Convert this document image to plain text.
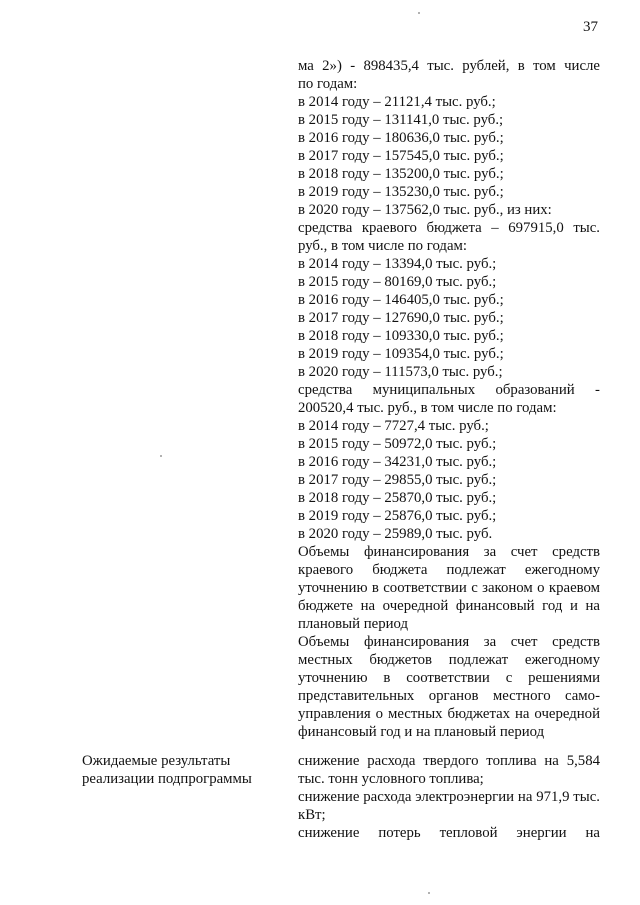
37

ма 2») - 898435,4 тыс. рублей, в том числе

по годам:

в 2014 году – 21121,4 тыс. руб.;

в 2015 году – 131141,0 тыс. руб.;

в 2016 году – 180636,0 тыс. руб.;

в 2017 году – 157545,0 тыс. руб.;

в 2018 году – 135200,0 тыс. руб.;

в 2019 году – 135230,0 тыс. руб.;

в 2020 году – 137562,0 тыс. руб., из них:

средства краевого бюджета – 697915,0 тыс.

руб., в том числе по годам:

в 2014 году – 13394,0 тыс. руб.;

в 2015 году – 80169,0 тыс. руб.;

в 2016 году – 146405,0 тыс. руб.;

в 2017 году – 127690,0 тыс. руб.;

в 2018 году – 109330,0 тыс. руб.;

в 2019 году – 109354,0 тыс. руб.;

в 2020 году – 111573,0 тыс. руб.;

средства муниципальных образований -

200520,4 тыс. руб., в том числе по годам:

в 2014 году – 7727,4 тыс. руб.;

в 2015 году – 50972,0 тыс. руб.;

в 2016 году – 34231,0 тыс. руб.;

в 2017 году – 29855,0 тыс. руб.;

в 2018 году – 25870,0 тыс. руб.;

в 2019 году – 25876,0 тыс. руб.;

в 2020 году – 25989,0 тыс. руб.

Объемы финансирования за счет средств краевого бюджета подлежат ежегодному уточнению в соответствии с законом о краевом бюджете на очередной финансовый год и на плановый период

Объемы финансирования за счет средств местных бюджетов подлежат ежегодному уточнению в соответствии с решениями представительных органов местного самоуправления о местных бюджетах на очередной финансовый год и на плановый период

Ожидаемые результаты реализации подпрограммы

снижение расхода твердого топлива на 5,584 тыс. тонн условного топлива;

снижение расхода электроэнергии на 971,9 тыс. кВт;

снижение потерь тепловой энергии на
